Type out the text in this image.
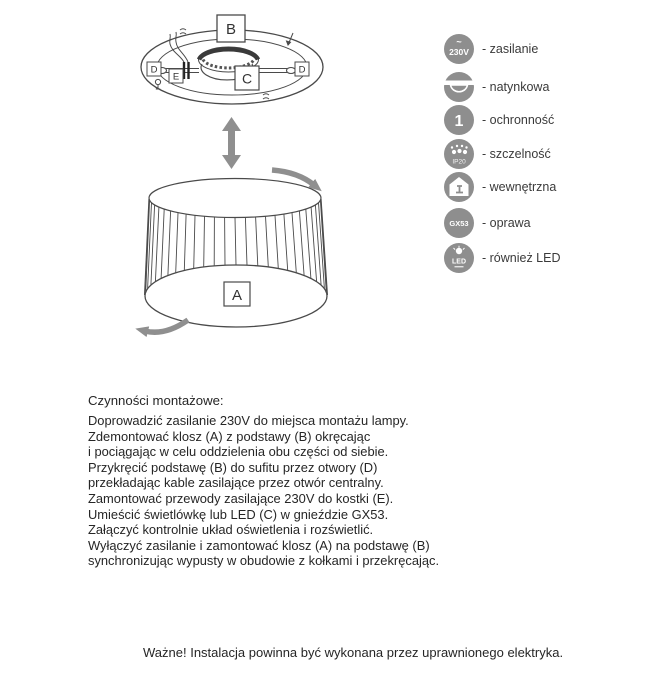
B
D	D
E	C
A
~
230V - zasilanie
- natynkowa
1 - ochronność
IP20
- szczelność
- wewnętrzna
GX53 - oprawa
LED - również LED
Czynności montażowe:
Doprowadzić zasilanie 230V do miejsca montażu lampy.
Zdemontować klosz (A) z podstawy (B) okręcając
i pociągając w celu oddzielenia obu części od siebie.
Przykręcić podstawę (B) do sufitu przez otwory (D)
przekładając kable zasilające przez otwór centralny.
Zamontować przewody zasilające 230V do kostki (E).
Umieścić świetlówkę lub LED (C) w gnieździe GX53.
Załączyć kontrolnie układ oświetlenia i rozświetlić.
Wyłączyć zasilanie i zamontować klosz (A) na podstawę (B)
synchronizując wypusty w obudowie z kołkami i przekręcając.
Ważne! Instalacja powinna być wykonana przez uprawnionego elektryka.
